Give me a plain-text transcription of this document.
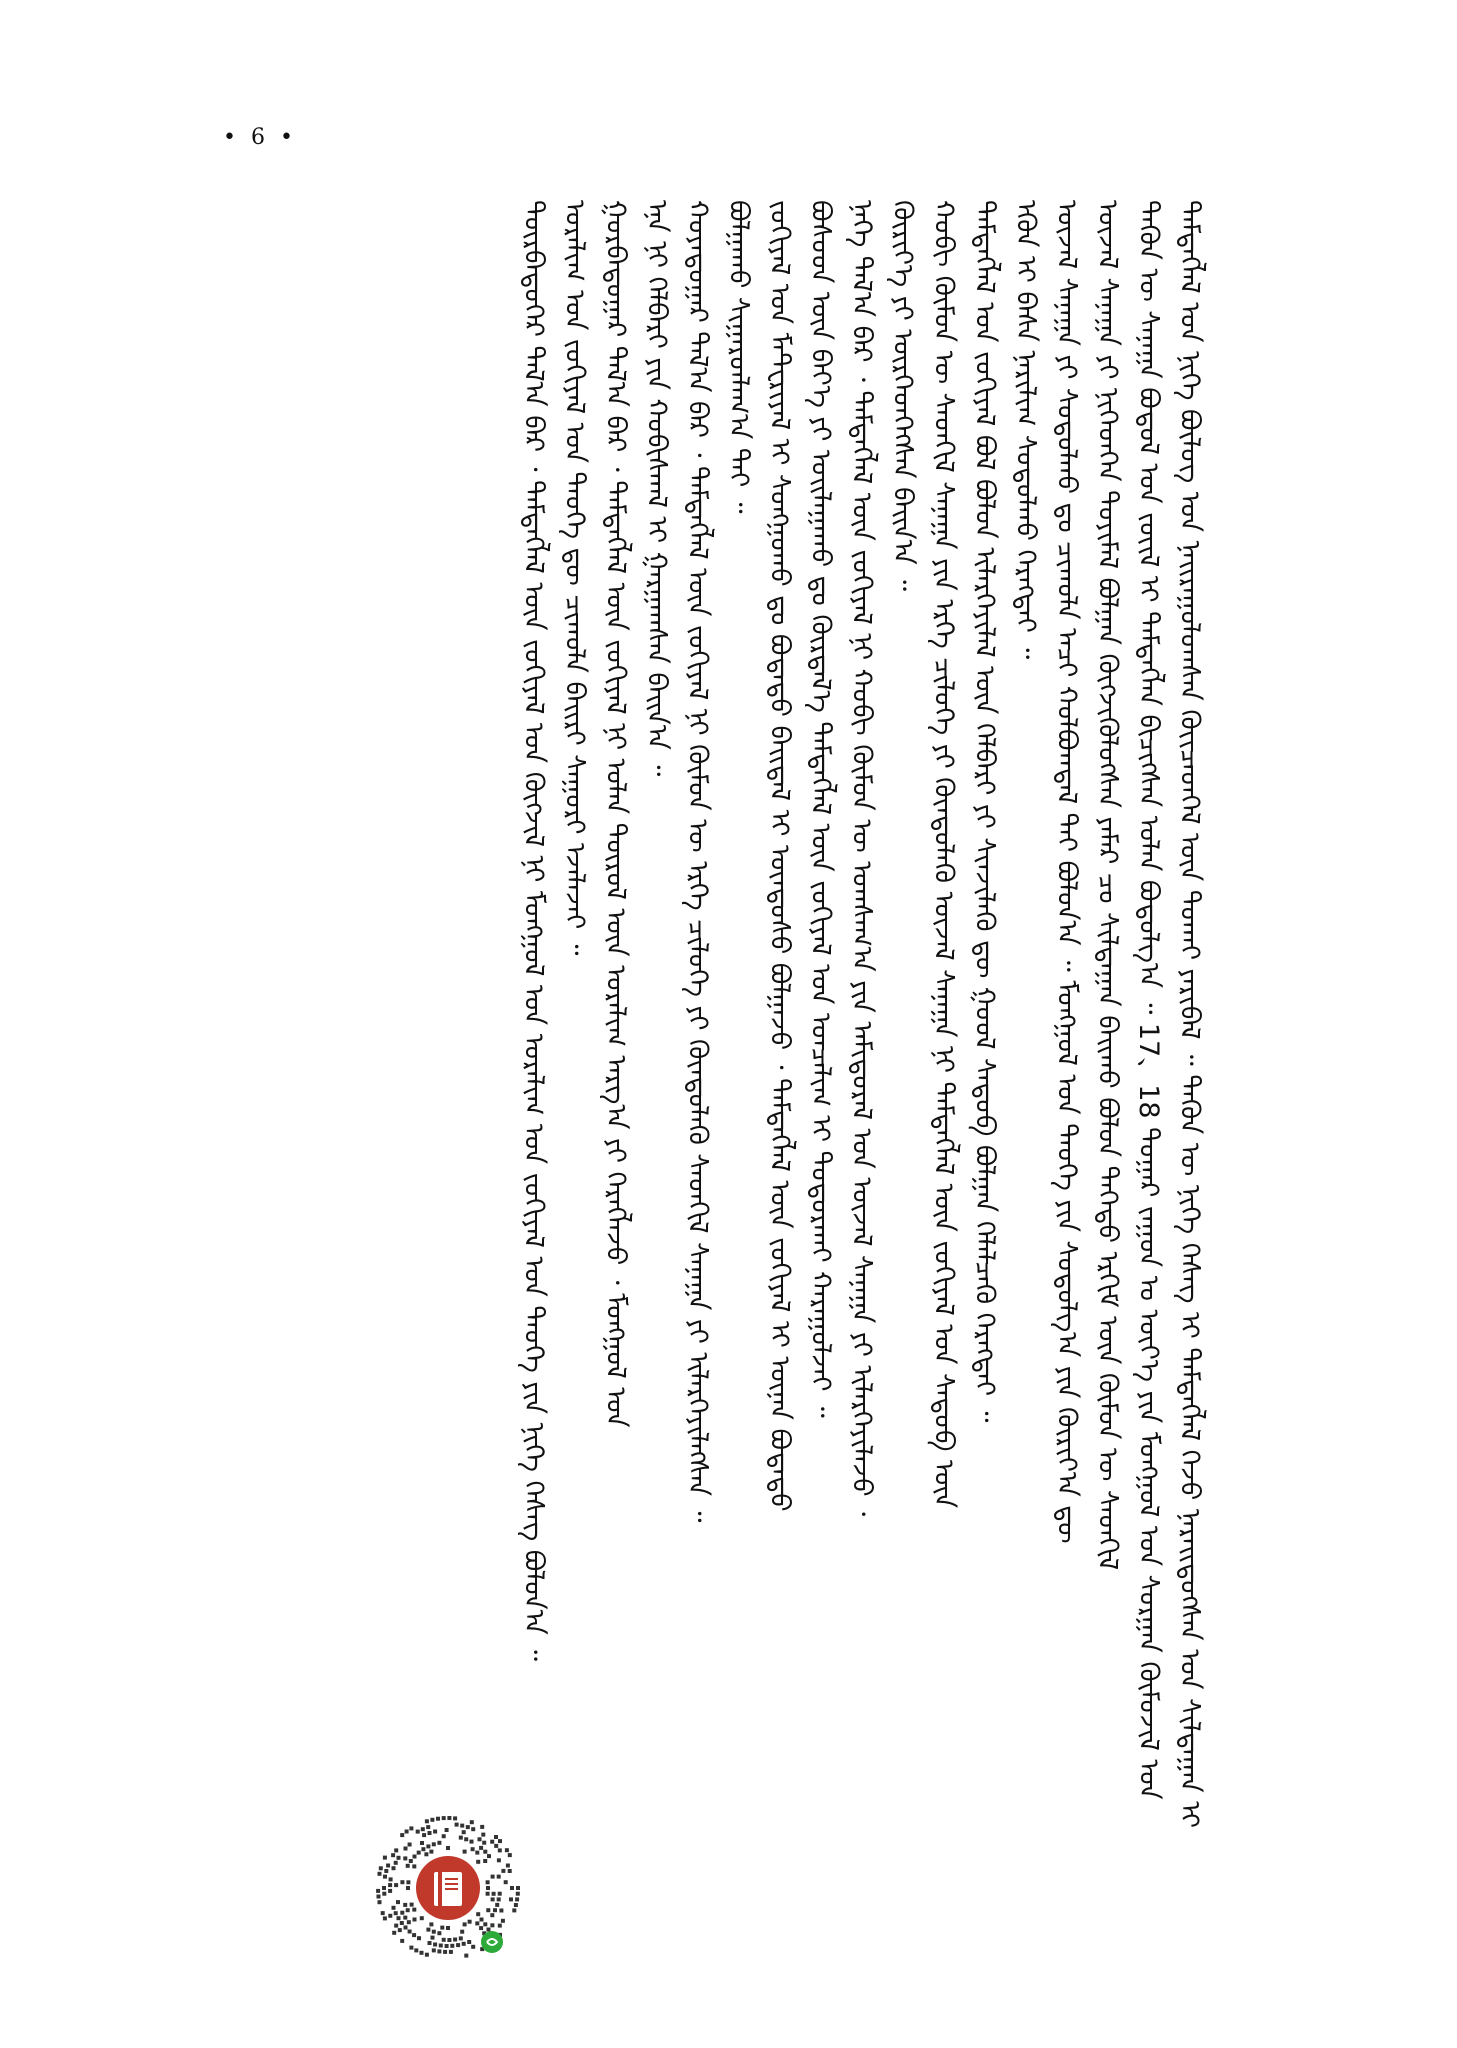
• 6 •
ᠲᠡᠮᠳᠡᠭᠯᠡᠯ ᠤᠨ ᠨᠢᠭᠡ ᠪᠦᠯᠦᠭ ᠤᠨ ᠨᠠᠢᠷᠠᠭᠤᠯᠤᠭᠰᠠᠨ ᠭᠦᠢᠴᠡᠳᠬᠡᠯ ᠦᠨ ᠲᠤᠬᠠᠢ ᠶᠠᠷᠢᠪᠠᠯ ᠃ ᠲᠡᠭᠦᠨ ᠦ ᠨᠢᠭᠡ ᠬᠡᠰᠡᠭ ᠢ ᠲᠡᠮᠳᠡᠭᠯᠡᠯ ᠭᠡᠵᠦ ᠨᠡᠷᠡᠢᠳᠦᠭᠰᠡᠨ ᠤᠨ ᠰᠢᠯᠲᠠᠭᠠᠨ ᠢ
ᠲᠡᠭᠦᠨ ᠦ ᠰᠠᠨᠠᠭᠠ ᠪᠤᠳᠤᠯ ᠤᠨ ᠵᠦᠢᠯ ᠢ ᠲᠡᠮᠳᠡᠭᠯᠡᠨ ᠪᠢᠴᠢᠭᠰᠡᠨ ᠣᠯᠠᠨ ᠪᠤᠳᠤᠯᠭ᠎ᠠ ᠃ 17、18 ᠳᠤᠭᠠᠷ ᠵᠠᠭᠤᠨ ᠤ ᠦᠶ᠎ᠡ ᠶᠢᠨ ᠮᠣᠩᠭᠣᠯ ᠤᠨ ᠰᠤᠷᠭᠠᠨ ᠬᠦᠮᠦᠵᠢᠯ ᠤᠨ
ᠦᠵᠡᠯ ᠰᠠᠨᠠᠭᠠ ᠶᠢ ᠨᠢᠭᠡᠳᠬᠡᠨ ᠲᠤᠶᠢᠮᠠᠯ ᠪᠣᠯᠭᠠᠨ ᠬᠦᠭᠵᠢᠭᠦᠯᠦᠭᠰᠡᠨ ᠶᠠᠮᠠᠷ ᠴᠤ ᠰᠢᠯᠲᠠᠭᠠᠨ ᠪᠠᠢᠬᠤ ᠪᠣᠯᠤᠨ ᠳᠡᠭᠡᠳᠦ ᠡᠷᠬᠢᠮ ᠦᠨ ᠬᠦᠮᠦᠨ ᠦ ᠰᠡᠳᠬᠢᠯ
ᠦᠵᠡᠯ ᠰᠠᠨᠠᠭᠠ ᠶᠢ ᠰᠤᠳᠤᠯᠬᠤ ᠳᠤ ᠴᠢᠬᠤᠯᠠ ᠠᠴᠢ ᠬᠣᠯᠪᠣᠭᠳᠠᠯ ᠲᠠᠢ ᠪᠣᠯᠤᠨ᠎ᠠ ᠃ ᠮᠣᠩᠭᠣᠯ ᠤᠨ ᠲᠡᠦᠬᠡ ᠶᠢᠨ ᠰᠤᠳᠤᠯᠭ᠎ᠠ ᠶᠢᠨ ᠬᠦᠷᠢᠶ᠎ᠡᠨ ᠳᠦ
ᠡᠭᠦᠨ ᠢ ᠪᠠᠰᠠ ᠨᠠᠷᠢᠯᠢᠭ ᠰᠤᠳᠤᠯᠬᠤ ᠬᠡᠷᠡᠭᠲᠡᠢ ᠃
ᠲᠡᠮᠳᠡᠭᠯᠡᠯ ᠤᠨ ᠵᠣᠬᠢᠶᠠᠯ ᠪᠤᠯ ᠪᠣᠯᠤᠨ ᠢᠯᠡᠷᠬᠡᠶᠢᠯᠡᠯ ᠦᠨ ᠬᠡᠯᠪᠡᠷᠢ ᠶᠢ ᠰᠢᠨᠵᠢᠯᠡᠬᠦ ᠳᠦ ᠭᠣᠣᠯ ᠰᠡᠳᠦᠪ ᠪᠣᠯᠭᠠᠨ ᠬᠡᠯᠡᠯᠴᠡᠬᠦ ᠬᠡᠷᠡᠭᠲᠡᠢ ᠃
ᠬᠤᠪᠢ ᠬᠦᠮᠦᠨ ᠦ ᠰᠡᠳᠬᠢᠯ ᠰᠠᠨᠠᠭᠠ ᠶᠢᠨ ᠡᠷᠬᠡ ᠴᠢᠯᠦᠭᠡ ᠶᠢ ᠬᠦᠨᠳᠦᠯᠡᠬᠦ ᠦᠵᠡᠯ ᠰᠠᠨᠠᠭᠠ ᠨᠢ ᠲᠡᠮᠳᠡᠭᠯᠡᠯ ᠦᠨ ᠵᠣᠬᠢᠶᠠᠯ ᠤᠨ ᠰᠡᠳᠦᠪ ᠦᠨ
ᠬᠦᠷᠢᠶ᠎ᠡ ᠶᠢ ᠥᠷᠭᠡᠳᠬᠡᠭᠰᠡᠨ ᠪᠠᠢᠨ᠎ᠠ ᠃
ᠨᠡᠭᠡ ᠲᠠᠯ᠎ᠠ ᠪᠡᠷ ᠂ ᠲᠡᠮᠳᠡᠭᠯᠡᠯ ᠦᠨ ᠵᠣᠬᠢᠶᠠᠯ ᠨᠢ ᠬᠤᠪᠢ ᠬᠦᠮᠦᠨ ᠦ ᠤᠭᠰᠠᠭ᠎ᠠ ᠶᠢᠨ ᠠᠮᠢᠳᠤᠷᠠᠯ ᠤᠨ ᠦᠵᠡᠯ ᠰᠠᠨᠠᠭᠠ ᠶᠢ ᠢᠯᠡᠷᠬᠡᠶᠢᠯᠡᠵᠦ ᠂
ᠪᠤᠰᠤᠳ ᠦᠨ ᠪᠡᠶ᠎ᠡ ᠶᠢ ᠣᠢᠯᠠᠭᠠᠬᠤ ᠳᠤ ᠬᠦᠷᠲᠡᠯ᠎ᠡ ᠲᠡᠮᠳᠡᠭᠯᠡᠯ ᠦᠨ ᠵᠣᠬᠢᠶᠠᠯ ᠤᠨ ᠤᠨᠴᠠᠯᠢᠭ ᠢ ᠲᠣᠳᠣᠷᠬᠠᠢ ᠬᠠᠷᠠᠭᠤᠯᠵᠠᠢ ᠃
ᠵᠣᠬᠢᠶᠠᠯ ᠤᠨ ᠮᠠᠲ᠋ᠧᠷᠢᠶᠠᠯ ᠢ ᠰᠣᠩᠭᠣᠬᠤ ᠳᠤ ᠪᠣᠳᠠᠲᠤ ᠪᠠᠢᠳᠠᠯ ᠢ ᠦᠨᠳᠦᠰᠦ ᠪᠣᠯᠭᠠᠵᠤ ᠂ ᠲᠡᠮᠳᠡᠭᠯᠡᠯ ᠦᠨ ᠵᠣᠬᠢᠶᠠᠯ ᠢ ᠦᠨᠡᠨ ᠪᠣᠳᠠᠲᠤ
ᠪᠣᠯᠭᠠᠬᠤ ᠰᠢᠭᠠᠷᠳᠯᠠᠭ᠎ᠠ ᠲᠠᠢ ᠃
ᠬᠣᠶᠠᠳᠤᠭᠠᠷ ᠲᠠᠯ᠎ᠠ ᠪᠡᠷ ᠂ ᠲᠡᠮᠳᠡᠭᠯᠡᠯ ᠦᠨ ᠵᠣᠬᠢᠶᠠᠯ ᠨᠢ ᠬᠦᠮᠦᠨ ᠦ ᠡᠷᠬᠡ ᠴᠢᠯᠦᠭᠡ ᠶᠢ ᠬᠦᠨᠳᠦᠯᠡᠬᠦ ᠰᠡᠳᠬᠢᠯ ᠰᠠᠨᠠᠭᠠ ᠶᠢ ᠢᠯᠡᠷᠬᠡᠶᠢᠯᠡᠭᠰᠡᠨ ᠃
ᠡᠨᠡ ᠨᠢ ᠬᠡᠯᠪᠡᠷᠢ ᠶᠢᠨ ᠬᠤᠪᠢᠰᠬᠠᠯ ᠢ ᠭᠠᠷᠭᠠᠭᠰᠠᠨ ᠪᠠᠢᠨ᠎ᠠ ᠃
ᠭᠤᠷᠪᠠᠳᠤᠭᠠᠷ ᠲᠠᠯ᠎ᠠ ᠪᠡᠷ ᠂ ᠲᠡᠮᠳᠡᠭᠯᠡᠯ ᠦᠨ ᠵᠣᠬᠢᠶᠠᠯ ᠨᠢ ᠣᠯᠠᠨ ᠲᠥᠷᠥᠯ ᠦᠨ ᠤᠷᠠᠯᠢᠭ ᠠᠷᠭ᠎ᠠ ᠶᠢ ᠬᠡᠷᠡᠭᠯᠡᠵᠦ ᠂ ᠮᠣᠩᠭᠣᠯ ᠤᠨ
ᠤᠷᠠᠯᠢᠭ ᠤᠨ ᠵᠣᠬᠢᠶᠠᠯ ᠤᠨ ᠲᠡᠦᠬᠡ ᠳᠦ ᠴᠢᠬᠤᠯᠠ ᠪᠠᠢᠷᠢ ᠰᠠᠭᠤᠷᠢ ᠡᠵᠡᠯᠡᠵᠡᠢ ᠃
ᠳᠥᠷᠪᠡᠳᠦᠭᠡᠷ ᠲᠠᠯ᠎ᠠ ᠪᠡᠷ ᠂ ᠲᠡᠮᠳᠡᠭᠯᠡᠯ ᠦᠨ ᠵᠣᠬᠢᠶᠠᠯ ᠤᠨ ᠬᠦᠭᠵᠢᠯ ᠨᠢ ᠮᠣᠩᠭᠣᠯ ᠤᠨ ᠤᠷᠠᠯᠢᠭ ᠤᠨ ᠵᠣᠬᠢᠶᠠᠯ ᠤᠨ ᠲᠡᠦᠬᠡ ᠶᠢᠨ ᠨᠢᠭᠡ ᠬᠡᠰᠡᠭ ᠪᠣᠯᠤᠨ᠎ᠠ ᠃
